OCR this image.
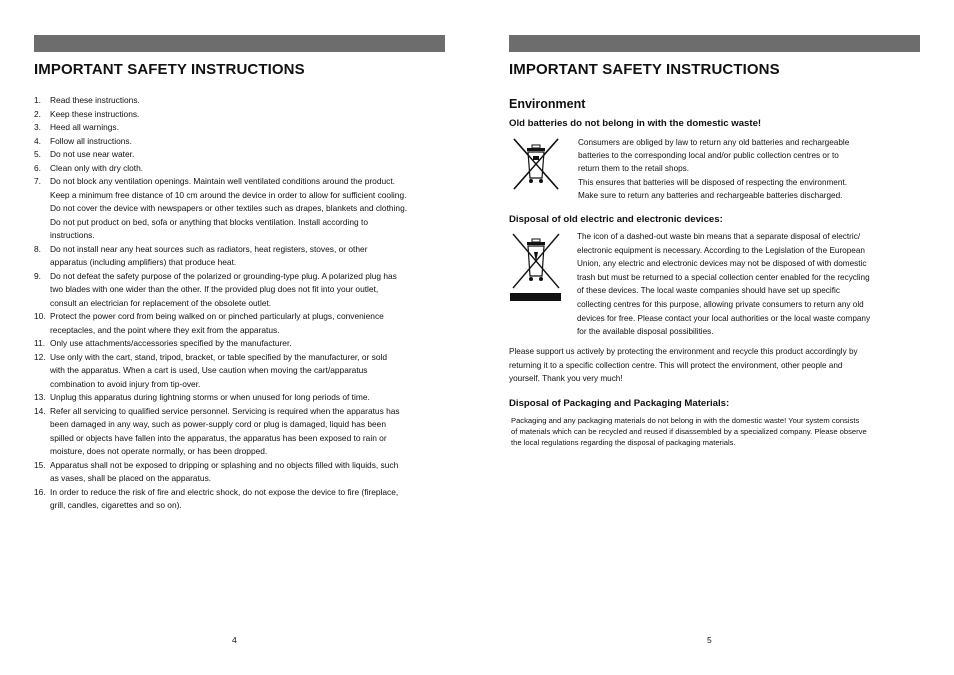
IMPORTANT SAFETY INSTRUCTIONS
1. Read these instructions.
2. Keep these instructions.
3. Heed all warnings.
4. Follow all instructions.
5. Do not use near water.
6. Clean only with dry cloth.
7. Do not block any ventilation openings. Maintain well ventilated conditions around the product.
Keep a minimum free distance of 10 cm around the device in order to allow for sufficient cooling.
Do not cover the device with newspapers or other textiles such as drapes, blankets and clothing.
Do not put product on bed, sofa or anything that blocks ventilation. Install according to
instructions.
8. Do not install near any heat sources such as radiators, heat registers, stoves, or other
apparatus (including amplifiers) that produce heat.
9. Do not defeat the safety purpose of the polarized or grounding-type plug. A polarized plug has
two blades with one wider than the other. If the provided plug does not fit into your outlet,
consult an electrician for replacement of the obsolete outlet.
10. Protect the power cord from being walked on or pinched particularly at plugs, convenience
receptacles, and the point where they exit from the apparatus.
11. Only use attachments/accessories specified by the manufacturer.
12. Use only with the cart, stand, tripod, bracket, or table specified by the manufacturer, or sold
with the apparatus. When a cart is used, Use caution when moving the cart/apparatus
combination to avoid injury from tip-over.
13. Unplug this apparatus during lightning storms or when unused for long periods of time.
14. Refer all servicing to qualified service personnel. Servicing is required when the apparatus has
been damaged in any way, such as power-supply cord or plug is damaged, liquid has been
spilled or objects have fallen into the apparatus, the apparatus has been exposed to rain or
moisture, does not operate normally, or has been dropped.
15. Apparatus shall not be exposed to dripping or splashing and no objects filled with liquids, such
as vases, shall be placed on the apparatus.
16. In order to reduce the risk of fire and electric shock, do not expose the device to fire (fireplace,
grill, candles, cigarettes and so on).
4
IMPORTANT SAFETY INSTRUCTIONS
Environment
Old batteries do not belong in with the domestic waste!
Consumers are obliged by law to return any old batteries and rechargeable
batteries to the corresponding local and/or public collection centres or to
return them to the retail shops.
This ensures that batteries will be disposed of respecting the environment.
Make sure to return any batteries and rechargeable batteries discharged.
Disposal of old electric and electronic devices:
The icon of a dashed-out waste bin means that a separate disposal of electric/
electronic equipment is necessary. According to the Legislation of the European
Union, any electric and electronic devices may not be disposed of with domestic
trash but must be returned to a special collection center enabled for the recycling
of these devices. The local waste companies should have set up specific
collecting centres for this purpose, allowing private consumers to return any old
devices for free. Please contact your local authorities or the local waste company
for the available disposal possibilities.
Please support us actively by protecting the environment and recycle this product accordingly by
returning it to a specific collection centre. This will protect the environment, other people and
yourself. Thank you very much!
Disposal of Packaging and Packaging Materials:
Packaging and any packaging materials do not belong in with the domestic waste! Your system consists
of materials which can be recycled and reused if disassembled by a specialized company. Please observe
the local regulations regarding the disposal of packaging materials.
5
